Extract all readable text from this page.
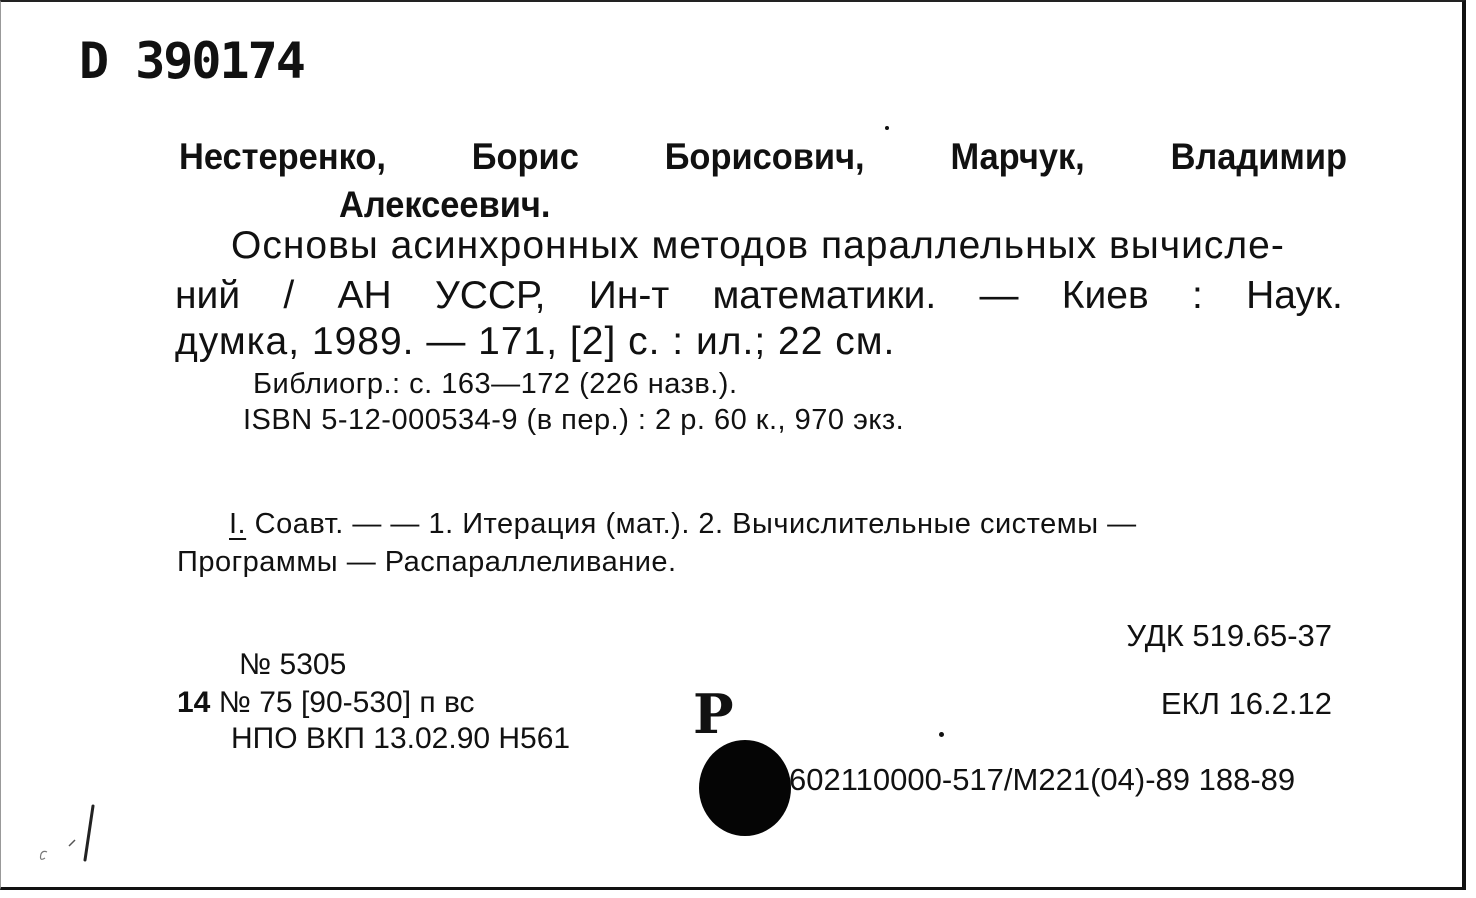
D 390174
Нестеренко, Борис Борисович, Марчук, Владимир
Алексеевич.
Основы асинхронных методов параллельных вычисле-
ний / АН УССР, Ин-т математики. — Киев : Наук.
думка, 1989. — 171, [2] с. : ил.; 22 см.
Библиогр.: с. 163—172 (226 назв.).
ISBN 5-12-000534-9 (в пер.) : 2 р. 60 к., 970 экз.
I. Соавт. — — 1. Итерация (мат.). 2. Вычислительные системы —
Программы — Распараллеливание.
УДК 519.65-37
ЕКЛ 16.2.12
№ 5305
14 № 75 [90-530] п вс
НПО ВКП 13.02.90 Н561 Р
602110000-517/М221(04)-89 188-89
